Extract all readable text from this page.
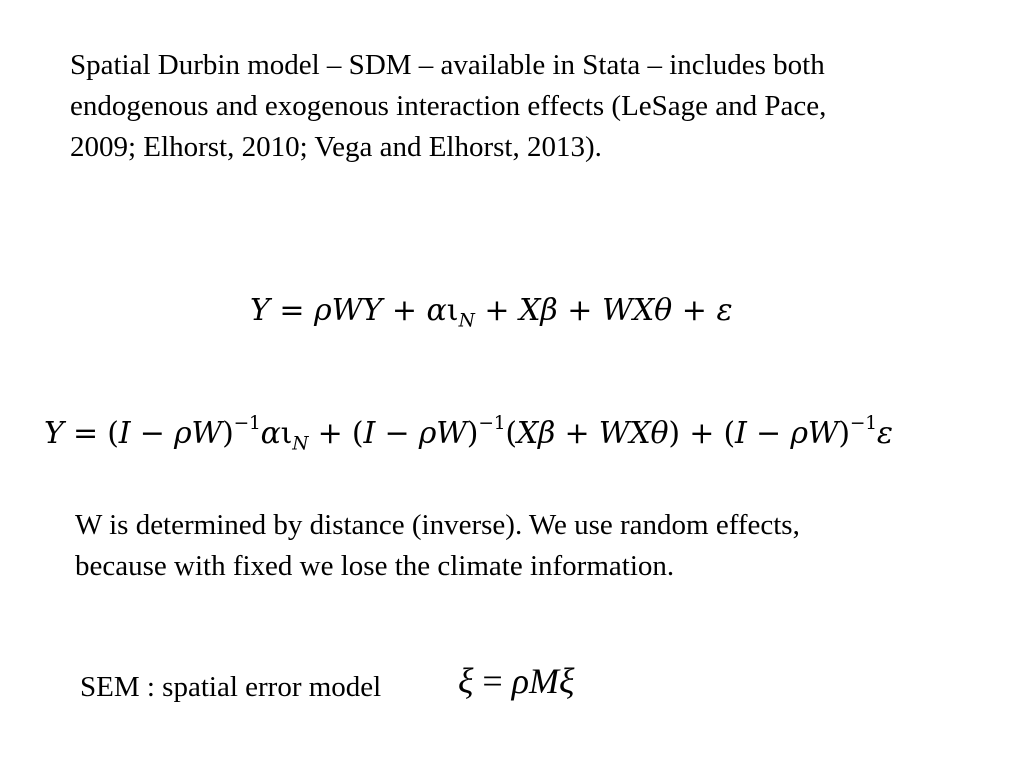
Spatial Durbin model – SDM – available in Stata – includes both
endogenous and exogenous interaction effects (LeSage and Pace,
2009; Elhorst, 2010; Vega and Elhorst, 2013).

$Y = \rho WY + \alpha\iota_N + X\beta + WX\theta + \varepsilon$
$Y = (I - \rho W)^{-1}\alpha\iota_N + (I - \rho W)^{-1}(X\beta + WX\theta) + (I - \rho W)^{-1}\varepsilon$

W is determined by distance (inverse). We use random effects,
because with fixed we lose the climate information.

SEM : spatial error model ξ = ρMξ
